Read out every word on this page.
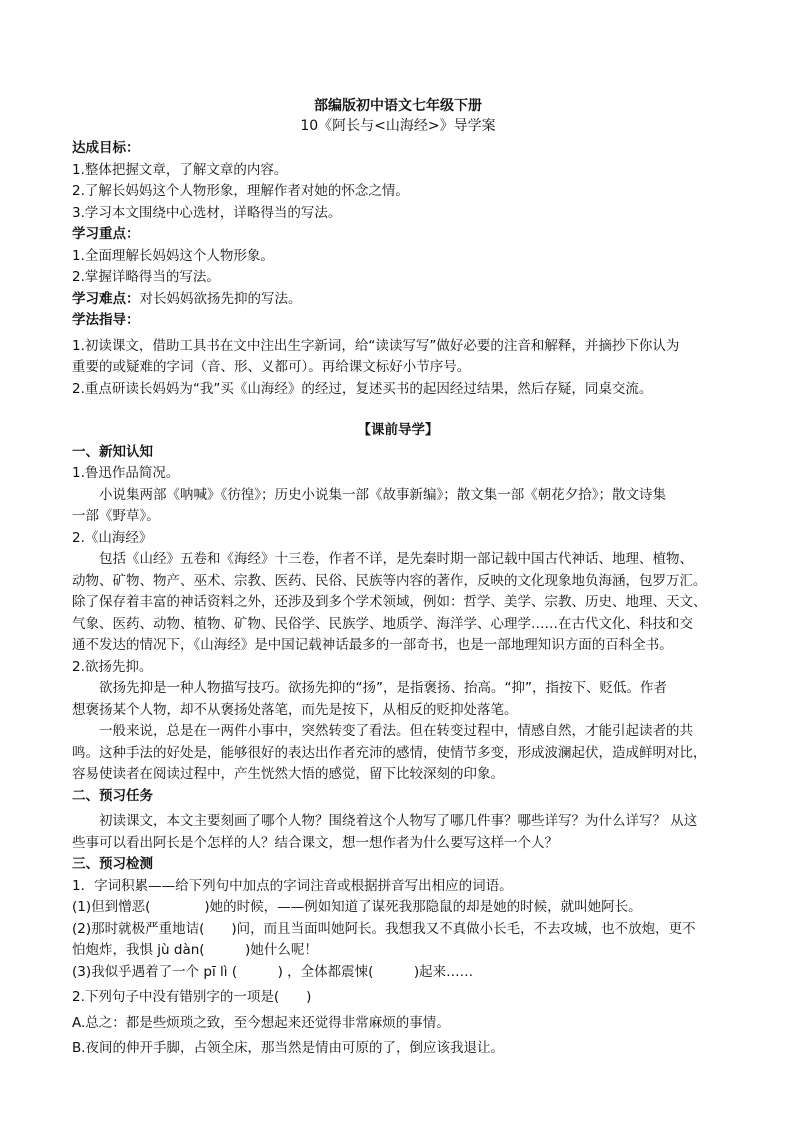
部编版初中语文七年级下册
10《阿长与<山海经>》导学案
达成目标：
1.整体把握文章，了解文章的内容。
2.了解长妈妈这个人物形象，理解作者对她的怀念之情。
3.学习本文围绕中心选材，详略得当的写法。
学习重点：
1.全面理解长妈妈这个人物形象。
2.掌握详略得当的写法。
学习难点：对长妈妈欲扬先抑的写法。
学法指导：
1.初读课文，借助工具书在文中注出生字新词，给“读读写写”做好必要的注音和解释，并摘抄下你认为
重要的或疑难的字词（音、形、义都可）。再给课文标好小节序号。
2.重点研读长妈妈为“我”买《山海经》的经过，复述买书的起因经过结果，然后存疑，同桌交流。
【课前导学】
一、新知认知
1.鲁迅作品简况。
小说集两部《呐喊》《彷徨》；历史小说集一部《故事新编》；散文集一部《朝花夕拾》；散文诗集
一部《野草》。
2.《山海经》
包括《山经》五卷和《海经》十三卷，作者不详，是先秦时期一部记载中国古代神话、地理、植物、
动物、矿物、物产、巫术、宗教、医药、民俗、民族等内容的著作，反映的文化现象地负海涵，包罗万汇。
除了保存着丰富的神话资料之外，还涉及到多个学术领域，例如：哲学、美学、宗教、历史、地理、天文、
气象、医药、动物、植物、矿物、民俗学、民族学、地质学、海洋学、心理学……在古代文化、科技和交
通不发达的情况下，《山海经》是中国记载神话最多的一部奇书，也是一部地理知识方面的百科全书。
2.欲扬先抑。
欲扬先抑是一种人物描写技巧。欲扬先抑的“扬”，是指褒扬、抬高。“抑”，指按下、贬低。作者
想褒扬某个人物，却不从褒扬处落笔，而先是按下，从相反的贬抑处落笔。
一般来说，总是在一两件小事中，突然转变了看法。但在转变过程中，情感自然，才能引起读者的共
鸣。这种手法的好处是，能够很好的表达出作者充沛的感情，使情节多变，形成波澜起伏，造成鲜明对比，
容易使读者在阅读过程中，产生恍然大悟的感觉，留下比较深刻的印象。
二、预习任务
初读课文，本文主要刻画了哪个人物？围绕着这个人物写了哪几件事？哪些详写？为什么详写？ 从这
些事可以看出阿长是个怎样的人？结合课文，想一想作者为什么要写这样一个人？
三、预习检测
1．字词积累——给下列句中加点的字词注音或根据拼音写出相应的词语。
(1)但到憎恶(　　　　)她的时候，——例如知道了谋死我那隐鼠的却是她的时候，就叫她阿长。
(2)那时就极严重地诘(　　)问，而且当面叫她阿长。我想我又不真做小长毛，不去攻城，也不放炮，更不
怕炮炸，我惧 jù dàn(　　　)她什么呢！
(3)我似乎遇着了一个 pī lì (　　　) ，全体都震悚(　　　)起来……
2.下列句子中没有错别字的一项是(　　)
A.总之：都是些烦琐之致，至今想起来还觉得非常麻烦的事情。
B.夜间的伸开手脚，占领全床，那当然是情由可原的了，倒应该我退让。
